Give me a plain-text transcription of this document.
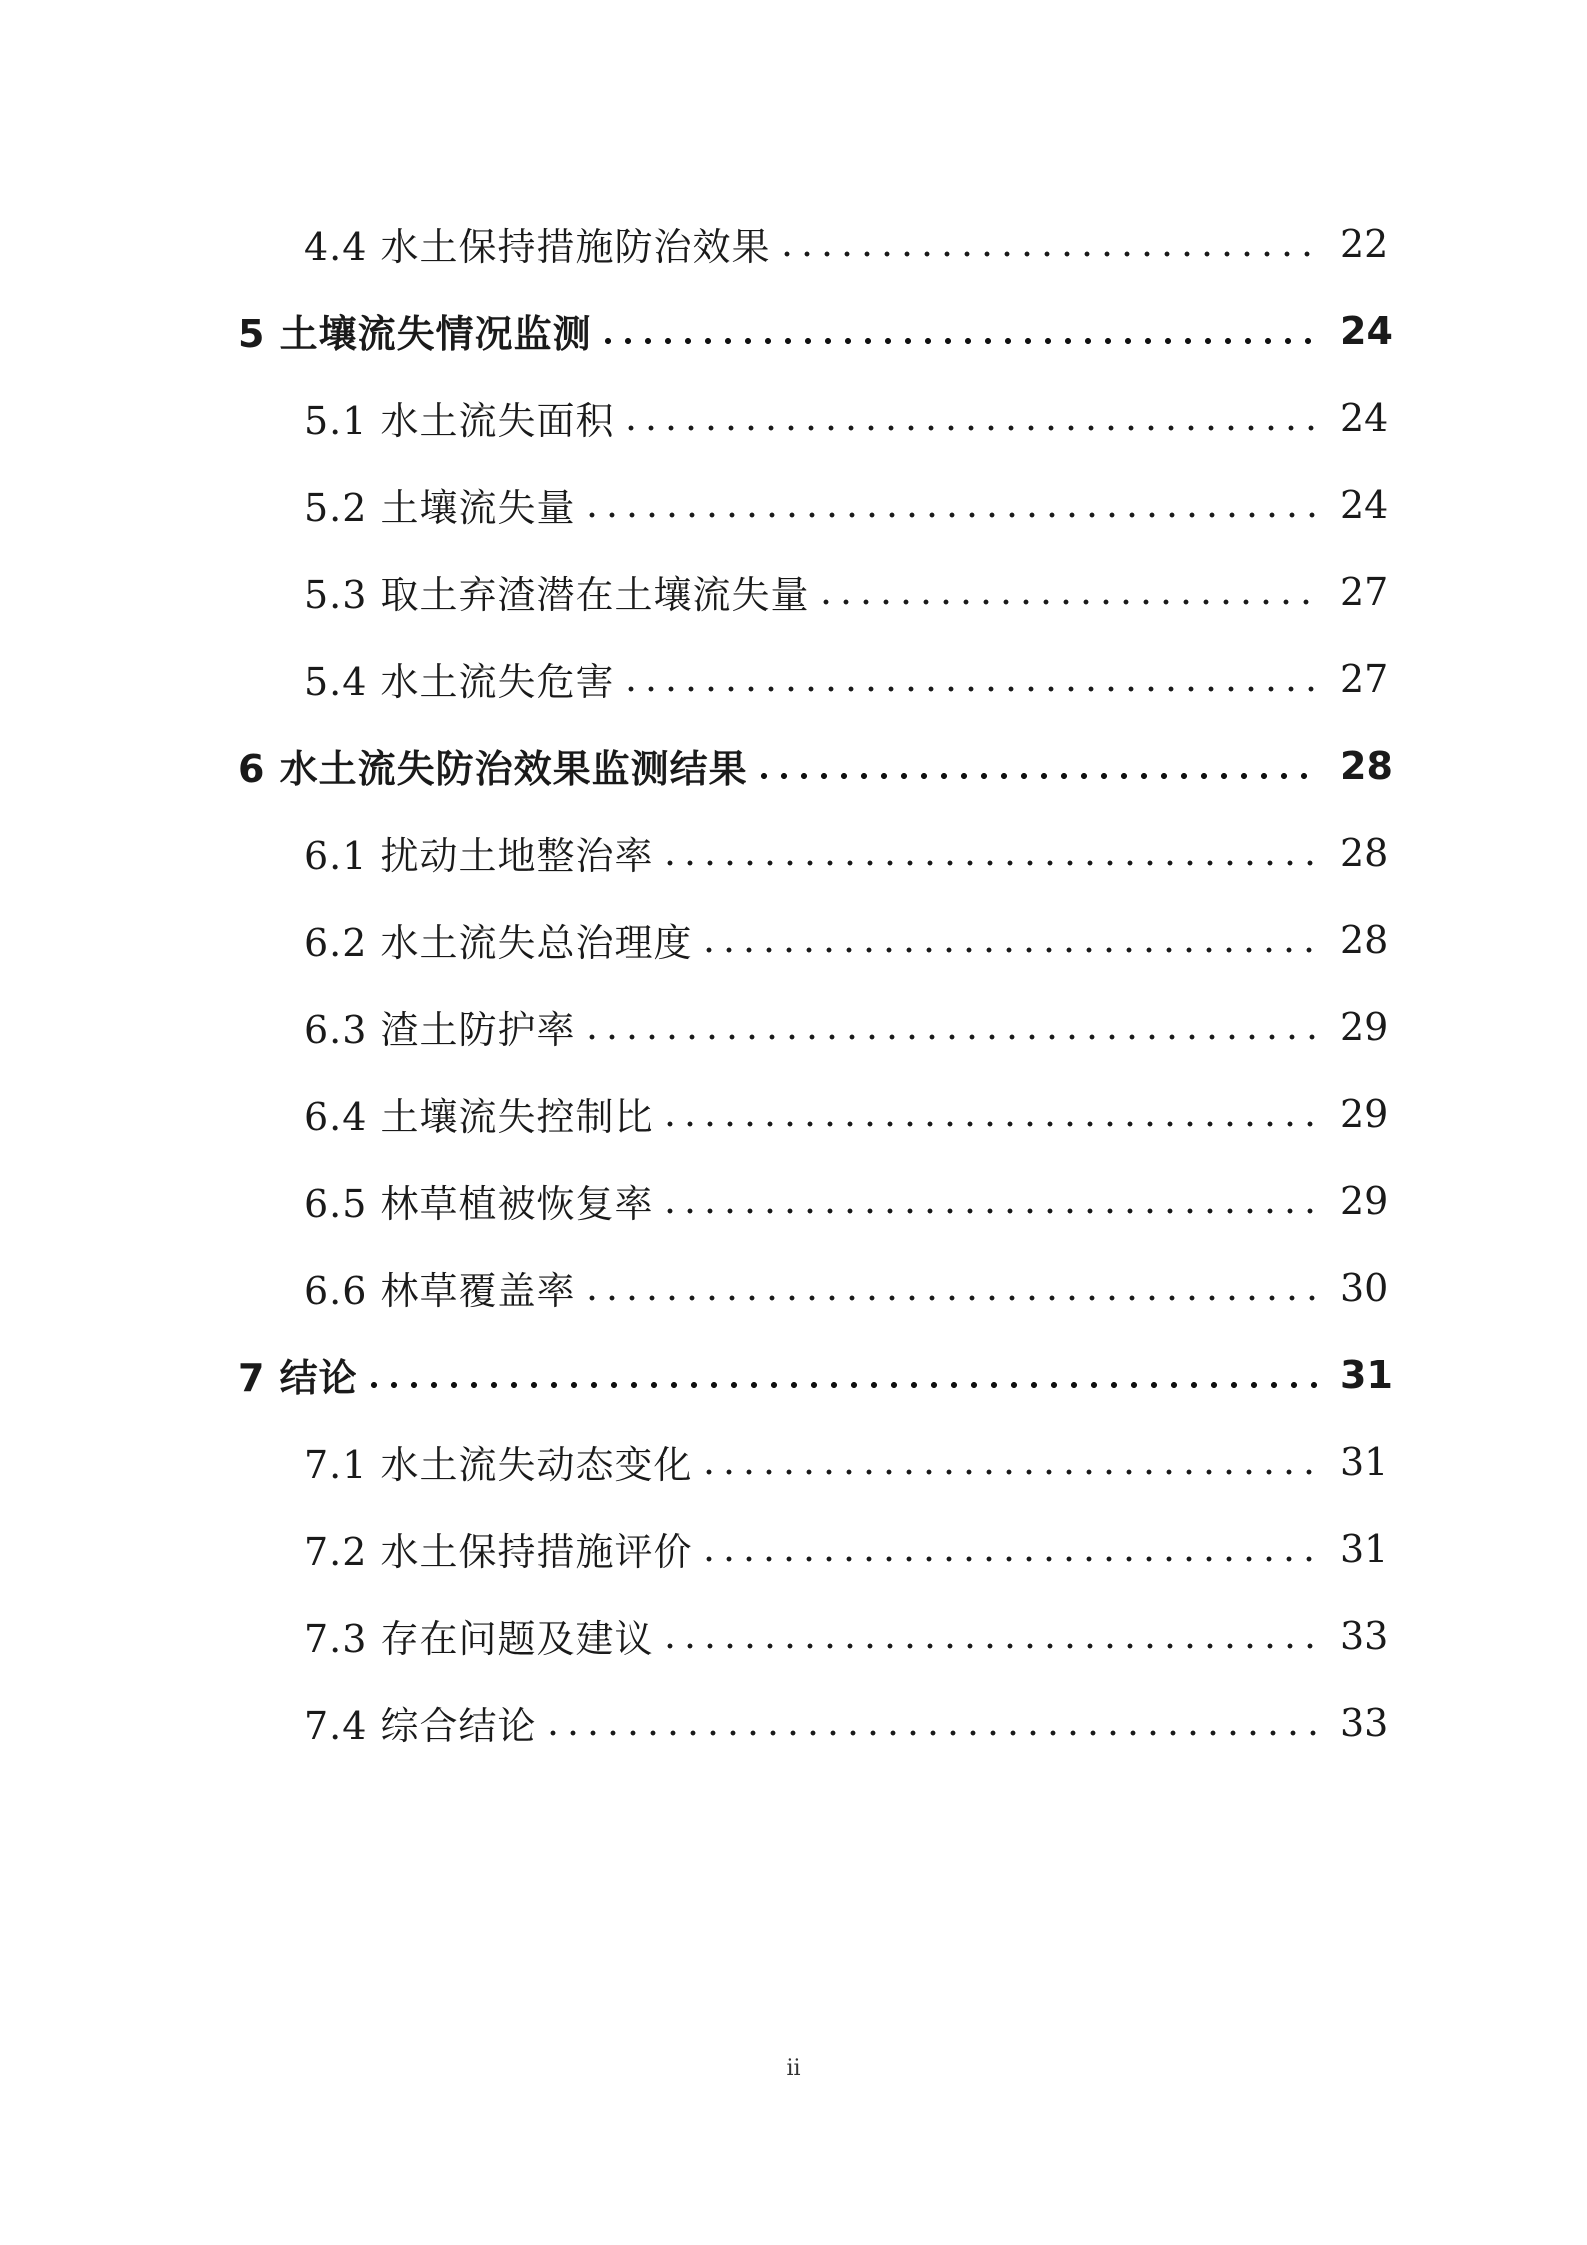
4.4 水土保持措施防治效果	22
5 土壤流失情况监测	24
5.1 水土流失面积	24
5.2 土壤流失量	24
5.3 取土弃渣潜在土壤流失量	27
5.4 水土流失危害	27
6 水土流失防治效果监测结果	28
6.1 扰动土地整治率	28
6.2 水土流失总治理度	28
6.3 渣土防护率	29
6.4 土壤流失控制比	29
6.5 林草植被恢复率	29
6.6 林草覆盖率	30
7 结论	31
7.1 水土流失动态变化	31
7.2 水土保持措施评价	31
7.3 存在问题及建议	33
7.4 综合结论	33
ii
